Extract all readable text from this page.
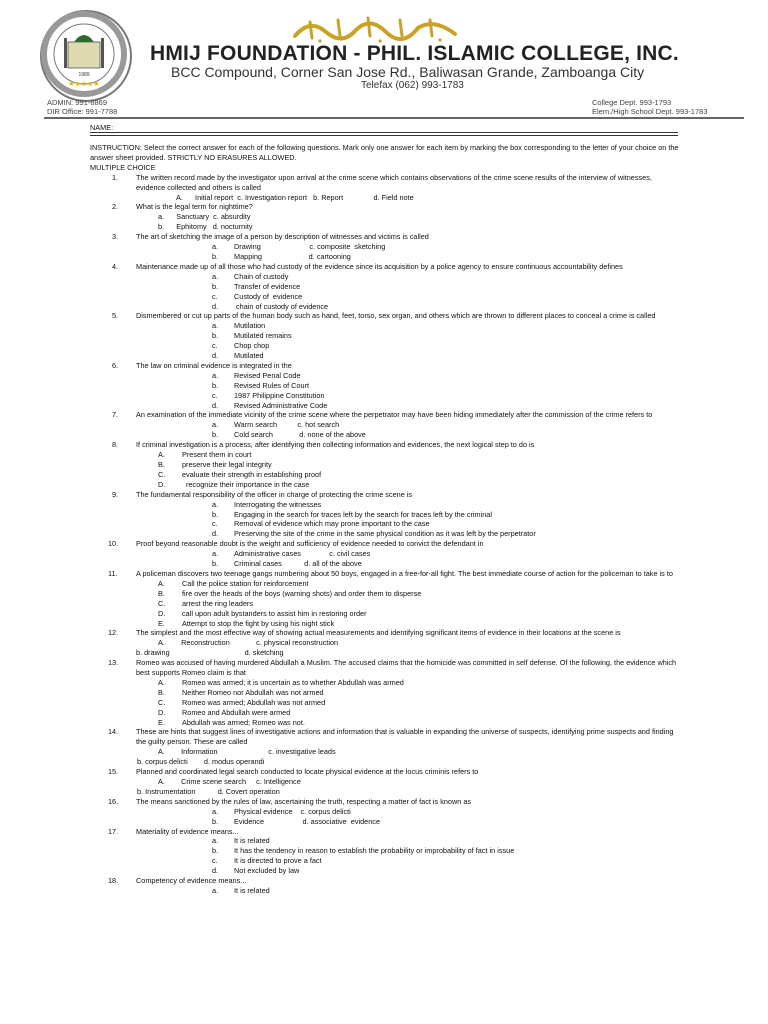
1989
★★★★★
HMIJ FOUNDATION - PHIL. ISLAMIC COLLEGE, INC.
BCC Compound, Corner San Jose Rd., Baliwasan Grande, Zamboanga City
Telefax (062) 993-1783
ADMIN: 991-8869
DIR Office: 991-7788
College Dept. 993-1793
Elem./High School Dept. 993-1783
NAME:
INSTRUCTION: Select the correct answer for each of the following questions. Mark only one answer for each item by marking the box corresponding to the letter of your choice on the answer sheet provided. STRICTLY NO ERASURES ALLOWED.
MULTIPLE CHOICE
1. The written record made by the investigator upon arrival at the crime scene which contains observations of the crime scene results of the interview of witnesses, evidence collected and others is called
A.      Initial report  c. Investigation report   b. Report               d. Field note
2. What is the legal term for nighttime?
a.      Sanctuary  c. absurdity
b.      Ephitomy   d. nocturnity
3. The art of sketching the image of a person by description of witnesses and victims is called
a. Drawing                        c. composite  sketching
b. Mapping                       d. cartooning
4. Maintenance made up of all those who had custody of the evidence since its acquisition by a police agency to ensure continuous accountability defines
a. Chain of custody
b. Transfer of evidence
c. Custody of  evidence
d. chain of custody of evidence
5. Dismembered or cut up parts of the human body such as hand, feet, torso, sex organ, and others which are thrown to different places to conceal a crime is called
a. Mutilation
b. Mutilated remains
c. Chop chop
d. Mutilated
6. The law on criminal evidence is integrated in the
a. Revised Penal Code
b. Revised Rules of Court
c. 1987 Philippine Constitution
d. Revised Administrative Code
7. An examination of the immediate vicinity of the crime scene where the perpetrator may have been hiding immediately after the commission of the crime refers to
a. Warm search          c. hot search
b. Cold search             d. none of the above
8. If criminal investigation is a process, after identifying then collecting information and evidences, the next logical step to do is
A. Present them in court
B. preserve their legal integrity
C. evaluate their strength in establishing proof
D.  recognize their importance in the case
9. The fundamental responsibility of the officer in charge of protecting the crime scene is
a. Interrogating the witnesses
b. Engaging in the search for traces left by the search for traces left by the criminal
c. Removal of evidence which may prone important to the case
d. Preserving the site of the crime in the same physical condition as it was left by the perpetrator
10. Proof beyond reasonable doubt is the weight and sufficiency of evidence needed to convict the defendant in
a. Administrative cases              c. civil cases
b. Criminal cases           d. all of the above
11.	A policeman discovers two teenage gangs numbering about 50 boys, engaged in a free-for-all fight. The best immediate course of action for the policeman to take is to
A. Call the police station for reinforcement
B. fire over the heads of the boys (warning shots) and order them to disperse
C. arrest the ring leaders
D. call upon adult bystanders to assist him in restoring order
E. Attempt to stop the fight by using his night stick
12. The simplest and the most effective way of showing actual measurements and identifying significant items of evidence in their locations at the scene is
A.        Reconstruction             c. physical reconstruction
b. drawing                                     d. sketching
13. Romeo was accused of having murdered Abdullah a Muslim. The accused claims that the homicide was committed in self defense. Of the following, the evidence which best supports Romeo claim is that
A. Romeo was armed; it is uncertain as to whether Abdullah was armed
B. Neither Romeo nor Abdullah was not armed
C. Romeo was armed; Abdullah was not armed
D. Romeo and Abdullah were armed
E. Abdullah was armed; Romeo was not.
14. These are hints that suggest lines of investigative actions and information that is valuable in expanding the universe of suspects, identifying prime suspects and finding the guilty person. These are called
A.        Information                         c. investigative leads
b. corpus delicti        d. modus operandi
15. Planned and coordinated legal search conducted to locate physical evidence at the locus criminis refers to
A.        Crime scene search     c. Intelligence
b. Instrumentation           d. Covert operation
16. The means sanctioned by the rules of law, ascertaining the truth, respecting a matter of fact is known as
a. Physical evidence    c. corpus delicti
b. Evidence                   d. associative  evidence
17. Materiality of evidence means...
a. It is related
b. It has the tendency in reason to establish the probability or improbability of fact in issue
c. It is directed to prove a fact
d. Not excluded by law
18. Competency of evidence means...
a. It is related
